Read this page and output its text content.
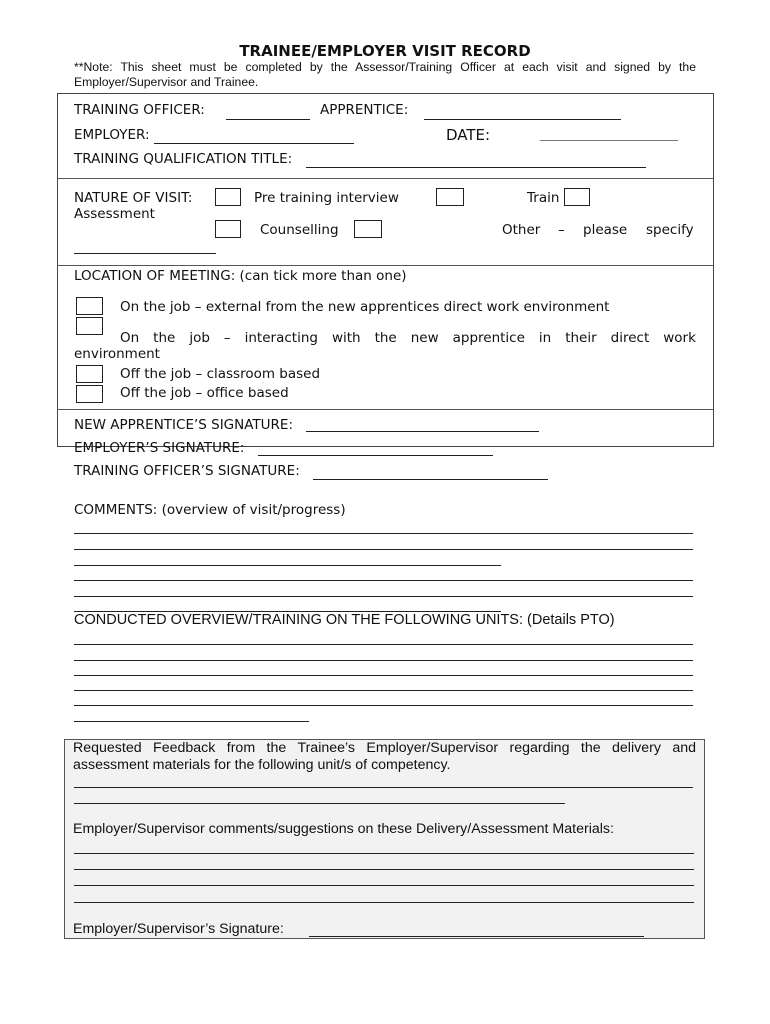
TRAINEE/EMPLOYER VISIT RECORD
**Note: This sheet must be completed by the Assessor/Training Officer at each visit and signed by the Employer/Supervisor and Trainee.
TRAINING OFFICER:	APPRENTICE:
EMPLOYER:	DATE:
TRAINING QUALIFICATION TITLE:
NATURE OF VISIT:	Pre training interview	Train
Assessment
Counselling	Other – please specify
LOCATION OF MEETING: (can tick more than one)
On the job – external from the new apprentices direct work environment
On the job – interacting with the new apprentice in their direct work
environment
Off the job – classroom based
Off the job – office based
NEW APPRENTICE’S SIGNATURE:
EMPLOYER’S SIGNATURE:
TRAINING OFFICER’S SIGNATURE:
COMMENTS: (overview of visit/progress)
CONDUCTED OVERVIEW/TRAINING ON THE FOLLOWING UNITS: (Details PTO)
Requested Feedback from the Trainee’s Employer/Supervisor regarding the delivery and assessment materials for the following unit/s of competency.
Employer/Supervisor comments/suggestions on these Delivery/Assessment Materials:
Employer/Supervisor’s Signature:
